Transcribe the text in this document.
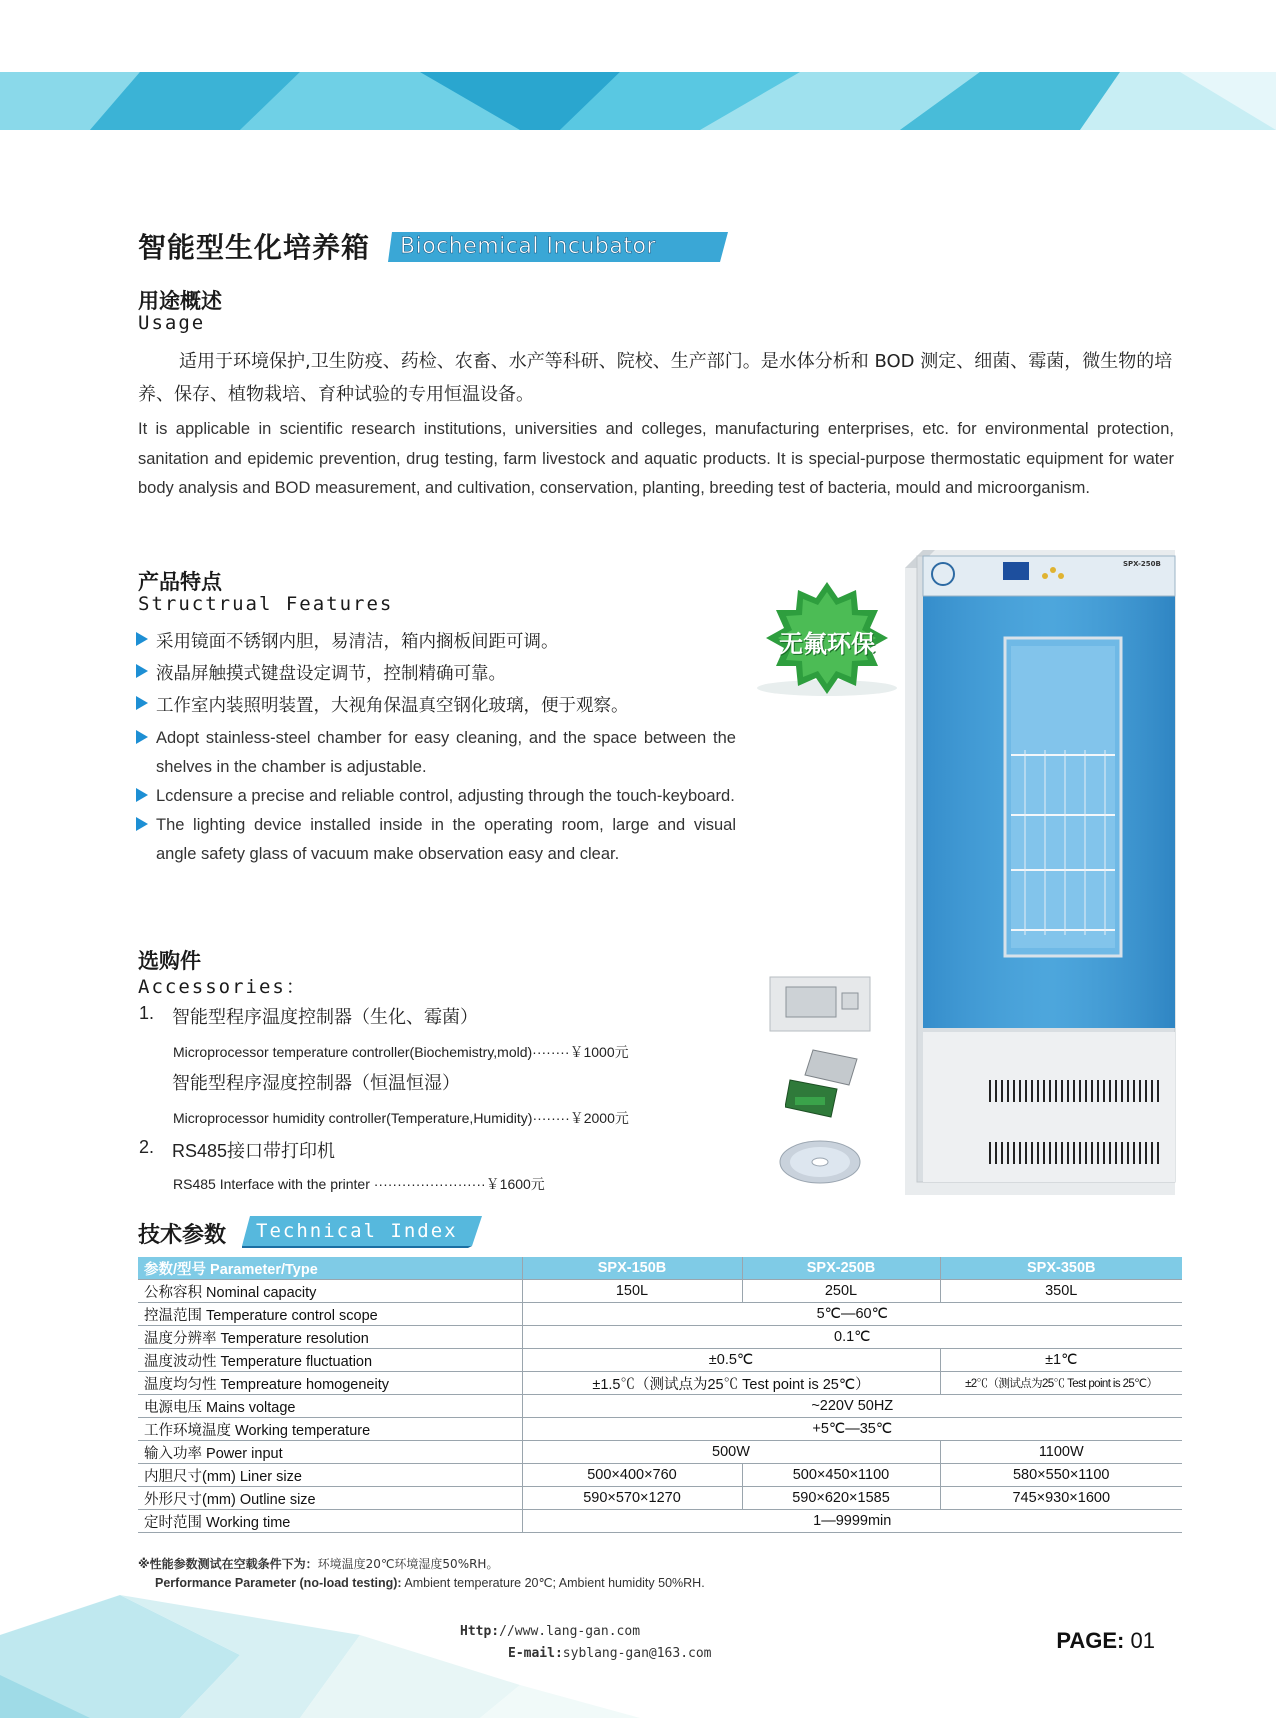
智能型生化培养箱 Biochemical Incubator
用途概述
Usage
适用于环境保护,卫生防疫、药检、农畜、水产等科研、院校、生产部门。是水体分析和 BOD 测定、细菌、霉菌，微生物的培养、保存、植物栽培、育种试验的专用恒温设备。
It is applicable in scientific research institutions, universities and colleges, manufacturing enterprises, etc. for environmental protection, sanitation and epidemic prevention, drug testing, farm livestock and aquatic products. It is special-purpose thermostatic equipment for water body analysis and BOD measurement, and cultivation, conservation, planting, breeding test of bacteria, mould and microorganism.
产品特点
Structrual Features
采用镜面不锈钢内胆，易清洁，箱内搁板间距可调。
液晶屏触摸式键盘设定调节，控制精确可靠。
工作室内装照明装置，大视角保温真空钢化玻璃，便于观察。
Adopt stainless-steel chamber for easy cleaning, and the space between the shelves in the chamber is adjustable.
Lcdensure a precise and reliable control, adjusting through the touch-keyboard.
The lighting device installed inside in the operating room, large and visual angle safety glass of vacuum make observation easy and clear.
无氟环保
SPX-250B
选购件
Accessories：
1. 智能型程序温度控制器（生化、霉菌）
Microprocessor temperature controller(Biochemistry,mold)········￥1000元
智能型程序湿度控制器（恒温恒湿）
Microprocessor humidity controller(Temperature,Humidity)········￥2000元
2. RS485接口带打印机
RS485 Interface with the printer ························￥1600元
技术参数 Technical Index
参数/型号 Parameter/Type	SPX-150B	SPX-250B	SPX-350B
公称容积 Nominal capacity	150L	250L	350L
控温范围 Temperature control scope	5℃—60℃		
温度分辨率 Temperature resolution	0.1℃		
温度波动性 Temperature fluctuation	±0.5℃		±1℃
温度均匀性 Tempreature homogeneity	±1.5℃（测试点为25℃ Test point is 25℃）		±2℃（测试点为25℃ Test point is 25℃）
电源电压 Mains voltage	~220V 50HZ		
工作环境温度 Working temperature	+5℃—35℃		
输入功率 Power input	500W		1100W
内胆尺寸(mm) Liner size	500×400×760	500×450×1100	580×550×1100
外形尺寸(mm) Outline size	590×570×1270	590×620×1585	745×930×1600
定时范围 Working time	1—9999min		
※性能参数测试在空载条件下为：环境温度20℃环境湿度50%RH。
Performance Parameter (no-load testing): Ambient temperature 20℃; Ambient humidity 50%RH.
Http://www.lang-gan.com
E-mail:syblang-gan@163.com
PAGE: 01
